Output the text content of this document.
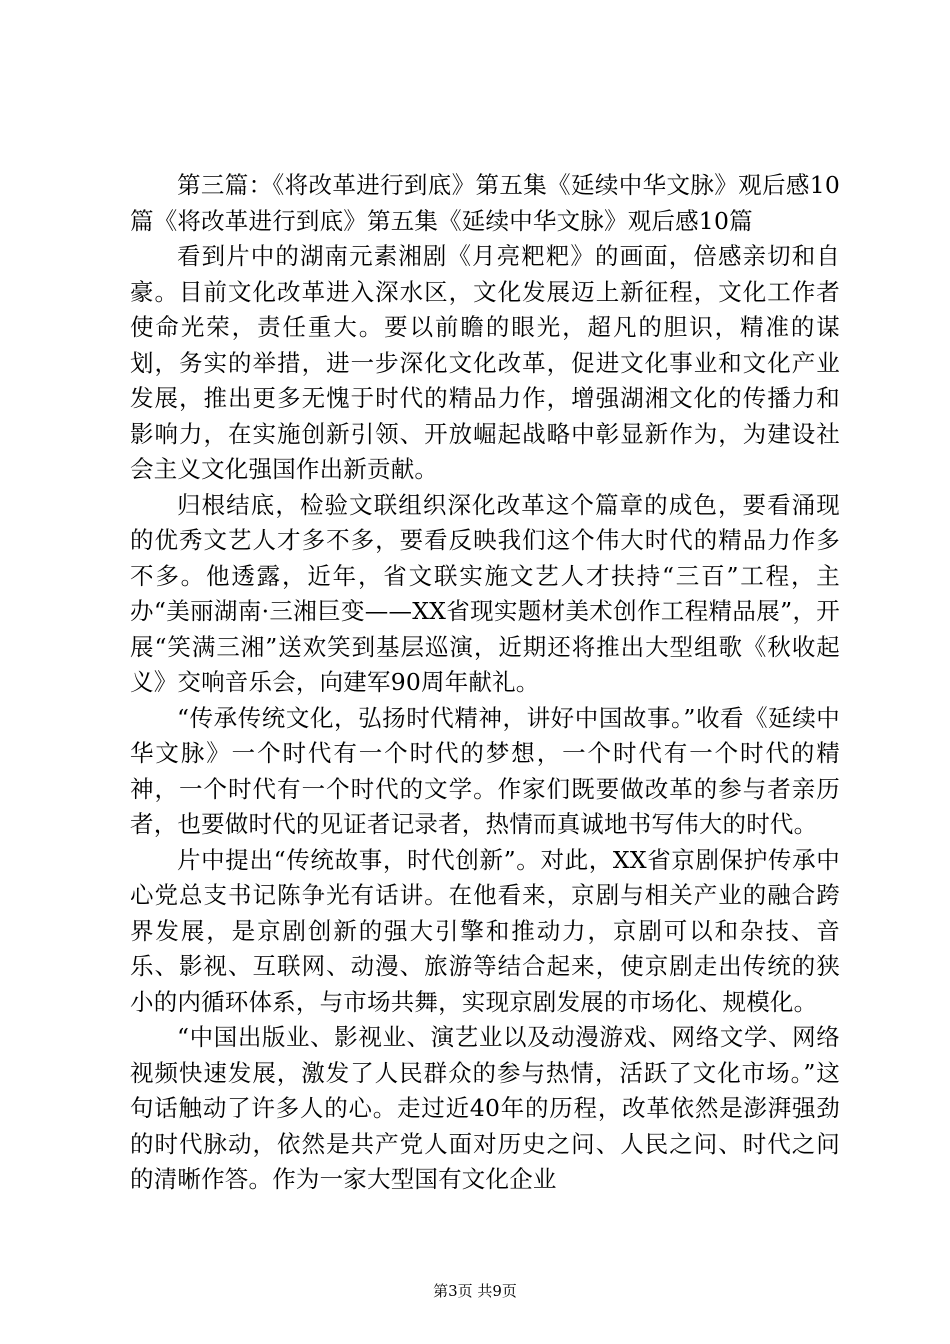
第三篇：《将改革进行到底》第五集《延续中华文脉》观后感10篇《将改革进行到底》第五集《延续中华文脉》观后感10篇

看到片中的湖南元素湘剧《月亮粑粑》的画面，倍感亲切和自豪。目前文化改革进入深水区，文化发展迈上新征程，文化工作者使命光荣，责任重大。要以前瞻的眼光，超凡的胆识，精准的谋划，务实的举措，进一步深化文化改革，促进文化事业和文化产业发展，推出更多无愧于时代的精品力作，增强湖湘文化的传播力和影响力，在实施创新引领、开放崛起战略中彰显新作为，为建设社会主义文化强国作出新贡献。

归根结底，检验文联组织深化改革这个篇章的成色，要看涌现的优秀文艺人才多不多，要看反映我们这个伟大时代的精品力作多不多。他透露，近年，省文联实施文艺人才扶持“三百”工程，主办“美丽湖南·三湘巨变——XX省现实题材美术创作工程精品展”，开展“笑满三湘”送欢笑到基层巡演，近期还将推出大型组歌《秋收起义》交响音乐会，向建军90周年献礼。

“传承传统文化，弘扬时代精神，讲好中国故事。”收看《延续中华文脉》一个时代有一个时代的梦想，一个时代有一个时代的精神，一个时代有一个时代的文学。作家们既要做改革的参与者亲历者，也要做时代的见证者记录者，热情而真诚地书写伟大的时代。

片中提出“传统故事，时代创新”。对此，XX省京剧保护传承中心党总支书记陈争光有话讲。在他看来，京剧与相关产业的融合跨界发展，是京剧创新的强大引擎和推动力，京剧可以和杂技、音乐、影视、互联网、动漫、旅游等结合起来，使京剧走出传统的狭小的内循环体系，与市场共舞，实现京剧发展的市场化、规模化。

“中国出版业、影视业、演艺业以及动漫游戏、网络文学、网络视频快速发展，激发了人民群众的参与热情，活跃了文化市场。”这句话触动了许多人的心。走过近40年的历程，改革依然是澎湃强劲的时代脉动，依然是共产党人面对历史之问、人民之问、时代之问的清晰作答。作为一家大型国有文化企业

第3页 共9页
